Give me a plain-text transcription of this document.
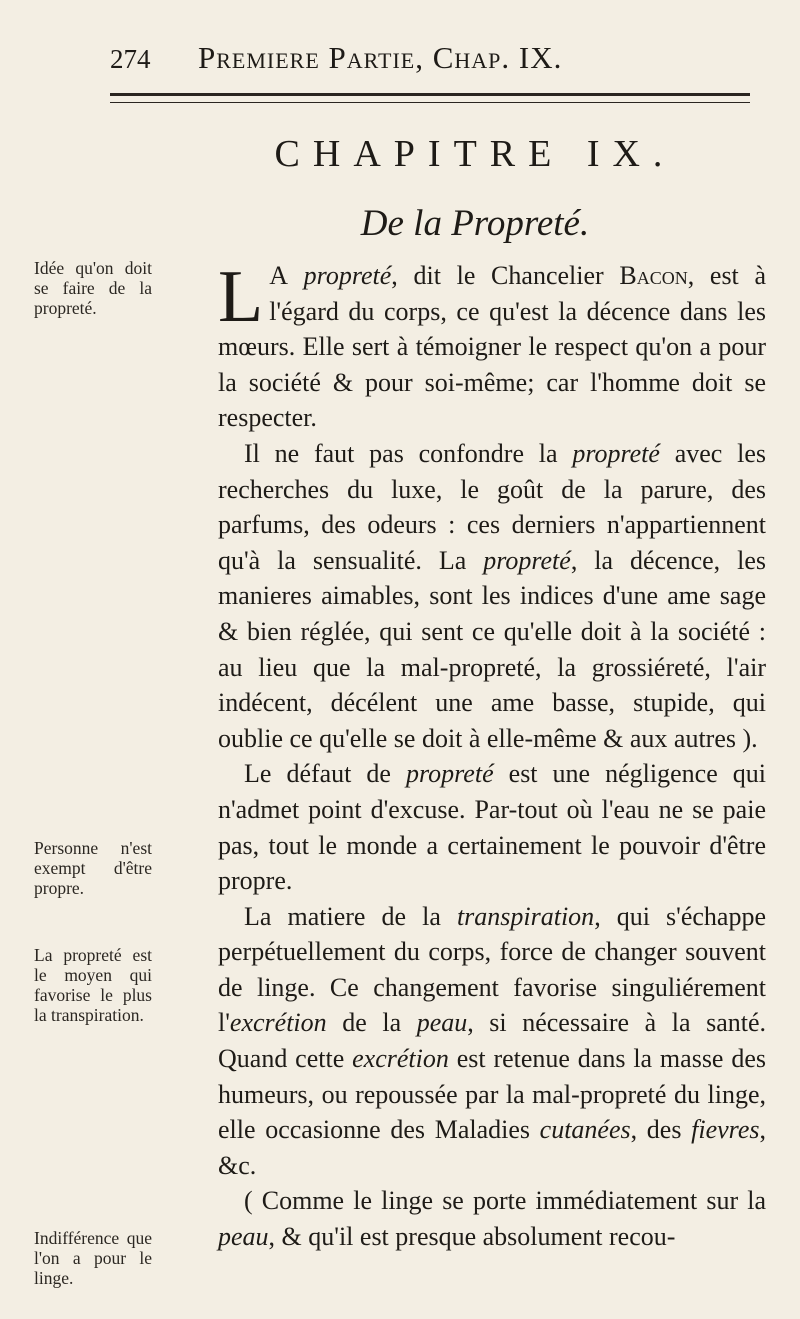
274	Premiere Partie, Chap. IX.
CHAPITRE IX.
De la Propreté.
Idée qu'on doit se faire de la propreté.
Personne n'est exempt d'être propre.
La propreté est le moyen qui favorise le plus la transpiration.
Indifférence que l'on a pour le linge.

L A propreté, dit le Chancelier Bacon, est à l'égard du corps, ce qu'est la décence dans les mœurs. Elle sert à témoigner le respect qu'on a pour la société & pour soi-même; car l'homme doit se respecter.

Il ne faut pas confondre la propreté avec les recherches du luxe, le goût de la parure, des parfums, des odeurs : ces derniers n'appartiennent qu'à la sensualité. La propreté, la décence, les manieres aimables, sont les indices d'une ame sage & bien réglée, qui sent ce qu'elle doit à la société : au lieu que la mal-propreté, la grossiéreté, l'air indécent, décélent une ame basse, stupide, qui oublie ce qu'elle se doit à elle-même & aux autres ).

Le défaut de propreté est une négligence qui n'admet point d'excuse. Par-tout où l'eau ne se paie pas, tout le monde a certainement le pouvoir d'être propre.

La matiere de la transpiration, qui s'échappe perpétuellement du corps, force de changer souvent de linge. Ce changement favorise singuliérement l'excrétion de la peau, si nécessaire à la santé. Quand cette excrétion est retenue dans la masse des humeurs, ou repoussée par la mal-propreté du linge, elle occasionne des Maladies cutanées, des fievres, &c.

( Comme le linge se porte immédiatement sur la peau, & qu'il est presque absolument recou-
